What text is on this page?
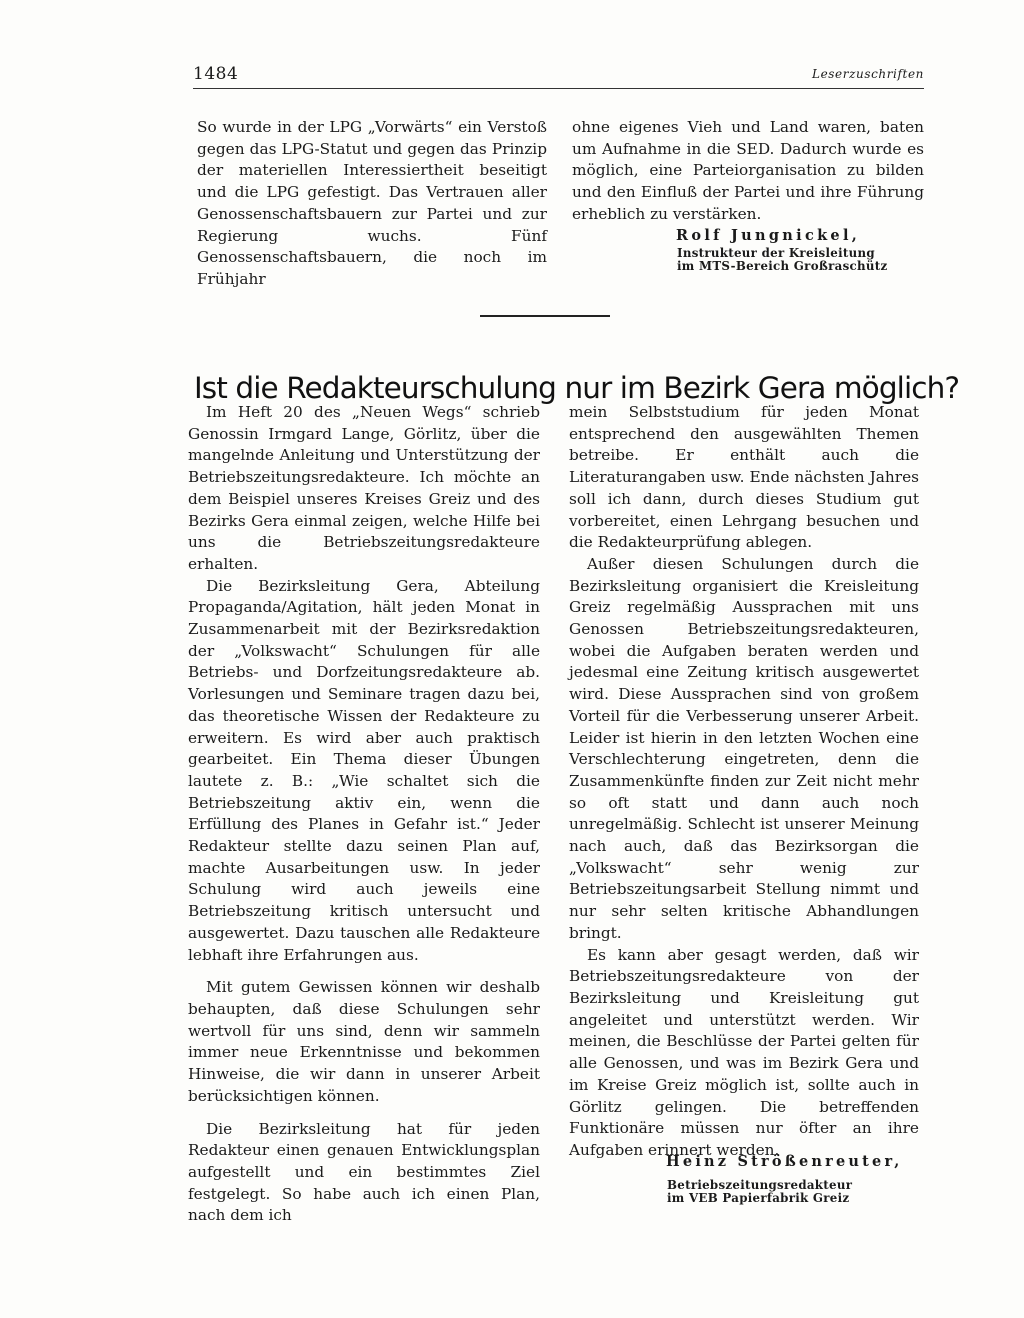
1484	Leserzuschriften

So wurde in der LPG „Vorwärts“ ein Verstoß gegen das LPG-Statut und gegen das Prinzip der materiellen Interessiertheit beseitigt und die LPG gefestigt. Das Vertrauen aller Genossenschaftsbauern zur Partei und zur Regierung wuchs. Fünf Genossenschaftsbauern, die noch im Frühjahr

ohne eigenes Vieh und Land waren, baten um Aufnahme in die SED. Dadurch wurde es möglich, eine Parteiorganisation zu bilden und den Einfluß der Partei und ihre Führung erheblich zu verstärken.

Rolf Jungnickel,
Instrukteur der Kreisleitung
im MTS-Bereich Großraschütz
Ist die Redakteurschulung nur im Bezirk Gera möglich?

Im Heft 20 des „Neuen Wegs“ schrieb Genossin Irmgard Lange, Görlitz, über die mangelnde Anleitung und Unterstützung der Betriebszeitungsredakteure. Ich möchte an dem Beispiel unseres Kreises Greiz und des Bezirks Gera einmal zeigen, welche Hilfe bei uns die Betriebszeitungsredakteure erhalten.

Die Bezirksleitung Gera, Abteilung Propaganda/Agitation, hält jeden Monat in Zusammenarbeit mit der Bezirksredaktion der „Volkswacht“ Schulungen für alle Betriebs- und Dorfzeitungsredakteure ab. Vorlesungen und Seminare tragen dazu bei, das theoretische Wissen der Redakteure zu erweitern. Es wird aber auch praktisch gearbeitet. Ein Thema dieser Übungen lautete z. B.: „Wie schaltet sich die Betriebszeitung aktiv ein, wenn die Erfüllung des Planes in Gefahr ist.“ Jeder Redakteur stellte dazu seinen Plan auf, machte Ausarbeitungen usw. In jeder Schulung wird auch jeweils eine Betriebszeitung kritisch untersucht und ausgewertet. Dazu tauschen alle Redakteure lebhaft ihre Erfahrungen aus.

Mit gutem Gewissen können wir deshalb behaupten, daß diese Schulungen sehr wertvoll für uns sind, denn wir sammeln immer neue Erkenntnisse und bekommen Hinweise, die wir dann in unserer Arbeit berücksichtigen können.

Die Bezirksleitung hat für jeden Redakteur einen genauen Entwicklungsplan aufgestellt und ein bestimmtes Ziel festgelegt. So habe auch ich einen Plan, nach dem ich

mein Selbststudium für jeden Monat entsprechend den ausgewählten Themen betreibe. Er enthält auch die Literaturangaben usw. Ende nächsten Jahres soll ich dann, durch dieses Studium gut vorbereitet, einen Lehrgang besuchen und die Redakteurprüfung ablegen.

Außer diesen Schulungen durch die Bezirksleitung organisiert die Kreisleitung Greiz regelmäßig Aussprachen mit uns Genossen Betriebszeitungsredakteuren, wobei die Aufgaben beraten werden und jedesmal eine Zeitung kritisch ausgewertet wird. Diese Aussprachen sind von großem Vorteil für die Verbesserung unserer Arbeit. Leider ist hierin in den letzten Wochen eine Verschlechterung eingetreten, denn die Zusammenkünfte finden zur Zeit nicht mehr so oft statt und dann auch noch unregelmäßig. Schlecht ist unserer Meinung nach auch, daß das Bezirksorgan die „Volkswacht“ sehr wenig zur Betriebszeitungsarbeit Stellung nimmt und nur sehr selten kritische Abhandlungen bringt.

Es kann aber gesagt werden, daß wir Betriebszeitungsredakteure von der Bezirksleitung und Kreisleitung gut angeleitet und unterstützt werden. Wir meinen, die Beschlüsse der Partei gelten für alle Genossen, und was im Bezirk Gera und im Kreise Greiz möglich ist, sollte auch in Görlitz gelingen. Die betreffenden Funktionäre müssen nur öfter an ihre Aufgaben erinnert werden.

Heinz Strößenreuter,
Betriebszeitungsredakteur
im VEB Papierfabrik Greiz
